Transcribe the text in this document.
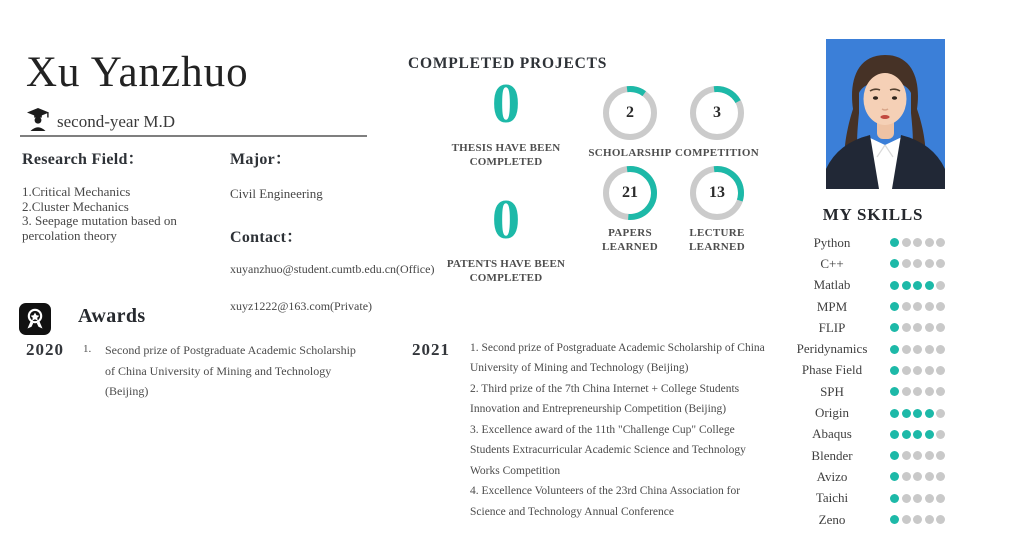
Xu Yanzhuo
second-year M.D
Research Field：
1.Critical Mechanics
2.Cluster Mechanics
3. Seepage mutation based on percolation theory
Major：
Civil Engineering
Contact：
xuyanzhuo@student.cumtb.edu.cn(Office)
xuyz1222@163.com(Private)
COMPLETED PROJECTS
0
THESIS HAVE BEEN COMPLETED
0
PATENTS HAVE BEEN COMPLETED
2
SCHOLARSHIP
3
COMPETITION
21
PAPERS LEARNED
13
LECTURE LEARNED
Awards
2020 1.	Second prize of Postgraduate Academic Scholarship of China University of Mining and Technology (Beijing)
2021 1. Second prize of Postgraduate Academic Scholarship of China University of Mining and Technology (Beijing)

2. Third prize of the 7th China Internet + College Students Innovation and Entrepreneurship Competition (Beijing)

3. Excellence award of the 11th "Challenge Cup" College Students Extracurricular Academic Science and Technology Works Competition

4. Excellence Volunteers of the 23rd China Association for Science and Technology Annual Conference

MY SKILLS
Python
C++
Matlab
MPM
FLIP
Peridynamics
Phase Field
SPH
Origin
Abaqus
Blender
Avizo
Taichi
Zeno
